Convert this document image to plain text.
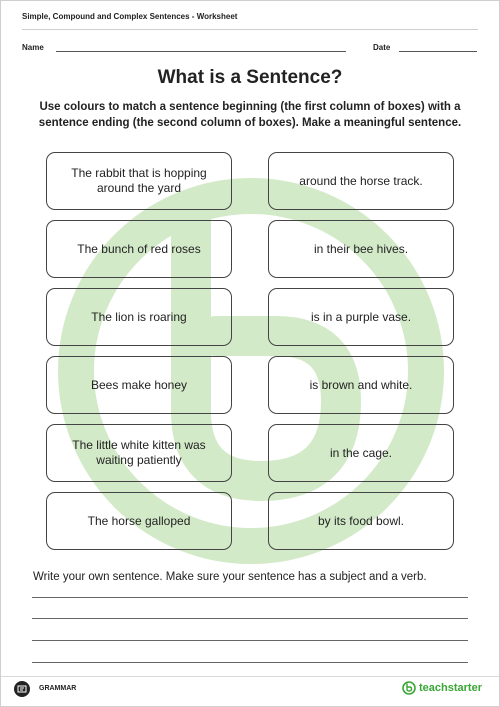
Simple, Compound and Complex Sentences - Worksheet
Name	Date
What is a Sentence?
Use colours to match a sentence beginning (the first column of boxes) with a sentence ending (the second column of boxes). Make a meaningful sentence.
The rabbit that is hopping around the yard
The bunch of red roses
The lion is roaring
Bees make honey
The little white kitten was waiting patiently
The horse galloped
around the horse track.
in their bee hives.
is in a purple vase.
is brown and white.
in the cage.
by its food bowl.
Write your own sentence. Make sure your sentence has a subject and a verb.
GRAMMAR	teachstarter
